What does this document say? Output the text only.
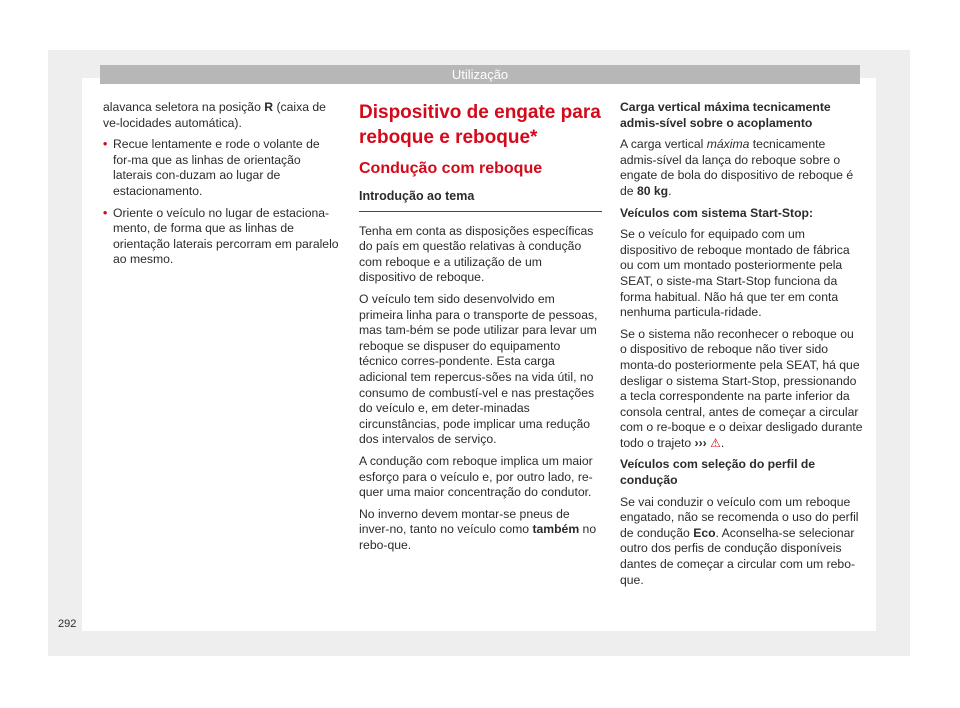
Utilização

alavanca seletora na posição R (caixa de ve-locidades automática).

• Recue lentamente e rode o volante de for-ma que as linhas de orientação laterais con-duzam ao lugar de estacionamento.

• Oriente o veículo no lugar de estaciona-mento, de forma que as linhas de orientação laterais percorram em paralelo ao mesmo.

Dispositivo de engate para reboque e reboque*
Condução com reboque
Introdução ao tema

Tenha em conta as disposições específicas do país em questão relativas à condução com reboque e a utilização de um dispositivo de reboque.

O veículo tem sido desenvolvido em primeira linha para o transporte de pessoas, mas tam-bém se pode utilizar para levar um reboque se dispuser do equipamento técnico corres-pondente. Esta carga adicional tem repercus-sões na vida útil, no consumo de combustí-vel e nas prestações do veículo e, em deter-minadas circunstâncias, pode implicar uma redução dos intervalos de serviço.

A condução com reboque implica um maior esforço para o veículo e, por outro lado, re-quer uma maior concentração do condutor.

No inverno devem montar-se pneus de inver-no, tanto no veículo como também no rebo-que.

Carga vertical máxima tecnicamente admis-sível sobre o acoplamento

A carga vertical máxima tecnicamente admis-sível da lança do reboque sobre o engate de bola do dispositivo de reboque é de 80 kg.

Veículos com sistema Start-Stop:

Se o veículo for equipado com um dispositivo de reboque montado de fábrica ou com um montado posteriormente pela SEAT, o siste-ma Start-Stop funciona da forma habitual. Não há que ter em conta nenhuma particula-ridade.

Se o sistema não reconhecer o reboque ou o dispositivo de reboque não tiver sido monta-do posteriormente pela SEAT, há que desligar o sistema Start-Stop, pressionando a tecla correspondente na parte inferior da consola central, antes de começar a circular com o re-boque e o deixar desligado durante todo o trajeto ››› ⚠.

Veículos com seleção do perfil de condução

Se vai conduzir o veículo com um reboque engatado, não se recomenda o uso do perfil de condução Eco. Aconselha-se selecionar outro dos perfis de condução disponíveis dantes de começar a circular com um rebo-que.

292
